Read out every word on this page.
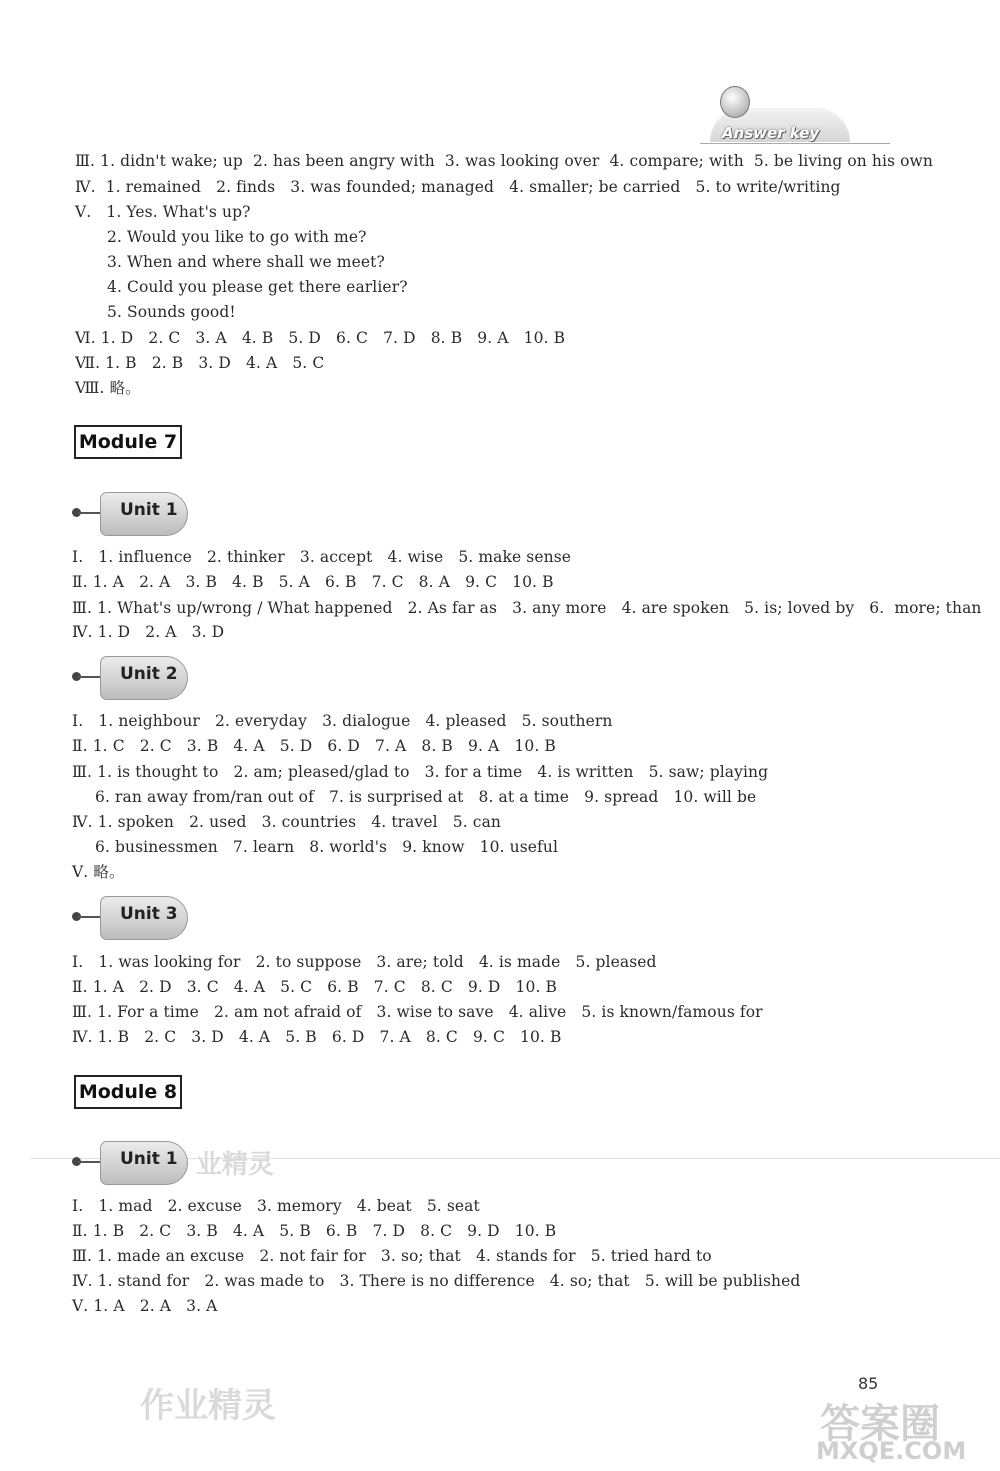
Answer key
Ⅲ. 1. didn't wake; up  2. has been angry with  3. was looking over  4. compare; with  5. be living on his own
Ⅳ.  1. remained   2. finds   3. was founded; managed   4. smaller; be carried   5. to write/writing
Ⅴ.   1. Yes. What's up?
2. Would you like to go with me?
3. When and where shall we meet?
4. Could you please get there earlier?
5. Sounds good!
Ⅵ. 1. D   2. C   3. A   4. B   5. D   6. C   7. D   8. B   9. A   10. B
Ⅶ. 1. B   2. B   3. D   4. A   5. C
Ⅷ. 略。
Module 7
Unit 1
Ⅰ.   1. influence   2. thinker   3. accept   4. wise   5. make sense
Ⅱ. 1. A   2. A   3. B   4. B   5. A   6. B   7. C   8. A   9. C   10. B
Ⅲ. 1. What's up/wrong / What happened   2. As far as   3. any more   4. are spoken   5. is; loved by   6.  more; than
Ⅳ. 1. D   2. A   3. D
Unit 2
Ⅰ.   1. neighbour   2. everyday   3. dialogue   4. pleased   5. southern
Ⅱ. 1. C   2. C   3. B   4. A   5. D   6. D   7. A   8. B   9. A   10. B
Ⅲ. 1. is thought to   2. am; pleased/glad to   3. for a time   4. is written   5. saw; playing
6. ran away from/ran out of   7. is surprised at   8. at a time   9. spread   10. will be
Ⅳ. 1. spoken   2. used   3. countries   4. travel   5. can
6. businessmen   7. learn   8. world's   9. know   10. useful
Ⅴ. 略。
Unit 3
Ⅰ.   1. was looking for   2. to suppose   3. are; told   4. is made   5. pleased
Ⅱ. 1. A   2. D   3. C   4. A   5. C   6. B   7. C   8. C   9. D   10. B
Ⅲ. 1. For a time   2. am not afraid of   3. wise to save   4. alive   5. is known/famous for
Ⅳ. 1. B   2. C   3. D   4. A   5. B   6. D   7. A   8. C   9. C   10. B
Module 8
Unit 1 业精灵
Ⅰ.   1. mad   2. excuse   3. memory   4. beat   5. seat
Ⅱ. 1. B   2. C   3. B   4. A   5. B   6. B   7. D   8. C   9. D   10. B
Ⅲ. 1. made an excuse   2. not fair for   3. so; that   4. stands for   5. tried hard to
Ⅳ. 1. stand for   2. was made to   3. There is no difference   4. so; that   5. will be published
Ⅴ. 1. A   2. A   3. A
作业精灵
85
答案圈
MXQE.COM
